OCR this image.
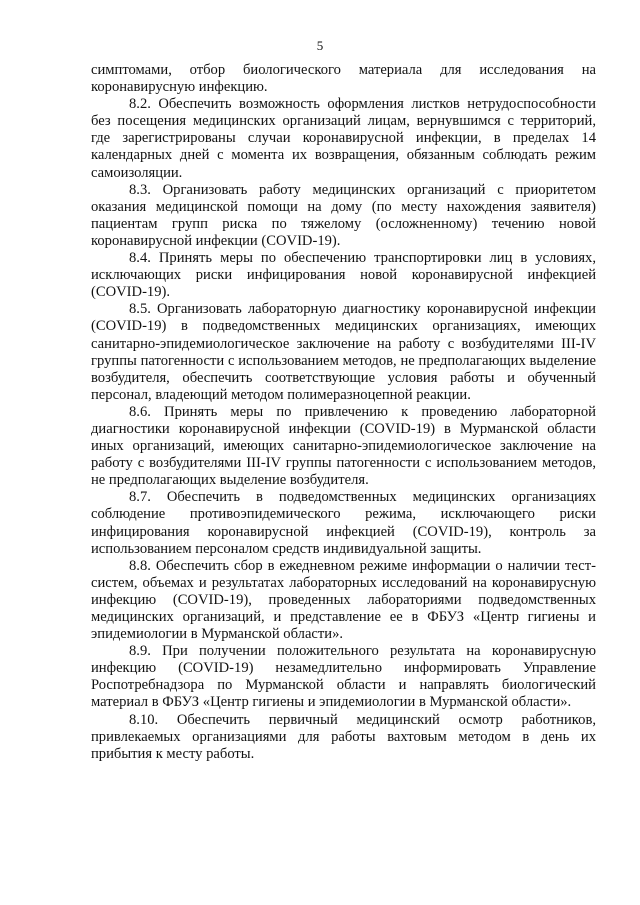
5

симптомами, отбор биологического материала для исследования на коронавирусную инфекцию.

8.2. Обеспечить возможность оформления листков нетрудоспособности без посещения медицинских организаций лицам, вернувшимся с территорий, где зарегистрированы случаи коронавирусной инфекции, в пределах 14 календарных дней с момента их возвращения, обязанным соблюдать режим самоизоляции.

8.3. Организовать работу медицинских организаций с приоритетом оказания медицинской помощи на дому (по месту нахождения заявителя) пациентам групп риска по тяжелому (осложненному) течению новой коронавирусной инфекции (COVID-19).

8.4. Принять меры по обеспечению транспортировки лиц в условиях, исключающих риски инфицирования новой коронавирусной инфекцией (COVID-19).

8.5. Организовать лабораторную диагностику коронавирусной инфекции (COVID-19) в подведомственных медицинских организациях, имеющих санитарно-эпидемиологическое заключение на работу с возбудителями III-IV группы патогенности с использованием методов, не предполагающих выделение возбудителя, обеспечить соответствующие условия работы и обученный персонал, владеющий методом полимеразноцепной реакции.

8.6. Принять меры по привлечению к проведению лабораторной диагностики коронавирусной инфекции (COVID-19) в Мурманской области иных организаций, имеющих санитарно-эпидемиологическое заключение на работу с возбудителями III-IV группы патогенности с использованием методов, не предполагающих выделение возбудителя.

8.7. Обеспечить в подведомственных медицинских организациях соблюдение противоэпидемического режима, исключающего риски инфицирования коронавирусной инфекцией (COVID-19), контроль за использованием персоналом средств индивидуальной защиты.

8.8. Обеспечить сбор в ежедневном режиме информации о наличии тест-систем, объемах и результатах лабораторных исследований на коронавирусную инфекцию (COVID-19), проведенных лабораториями подведомственных медицинских организаций, и представление ее в ФБУЗ «Центр гигиены и эпидемиологии в Мурманской области».

8.9. При получении положительного результата на коронавирусную инфекцию (COVID-19) незамедлительно информировать Управление Роспотребнадзора по Мурманской области и направлять биологический материал в ФБУЗ «Центр гигиены и эпидемиологии в Мурманской области».

8.10. Обеспечить первичный медицинский осмотр работников, привлекаемых организациями для работы вахтовым методом в день их прибытия к месту работы.
